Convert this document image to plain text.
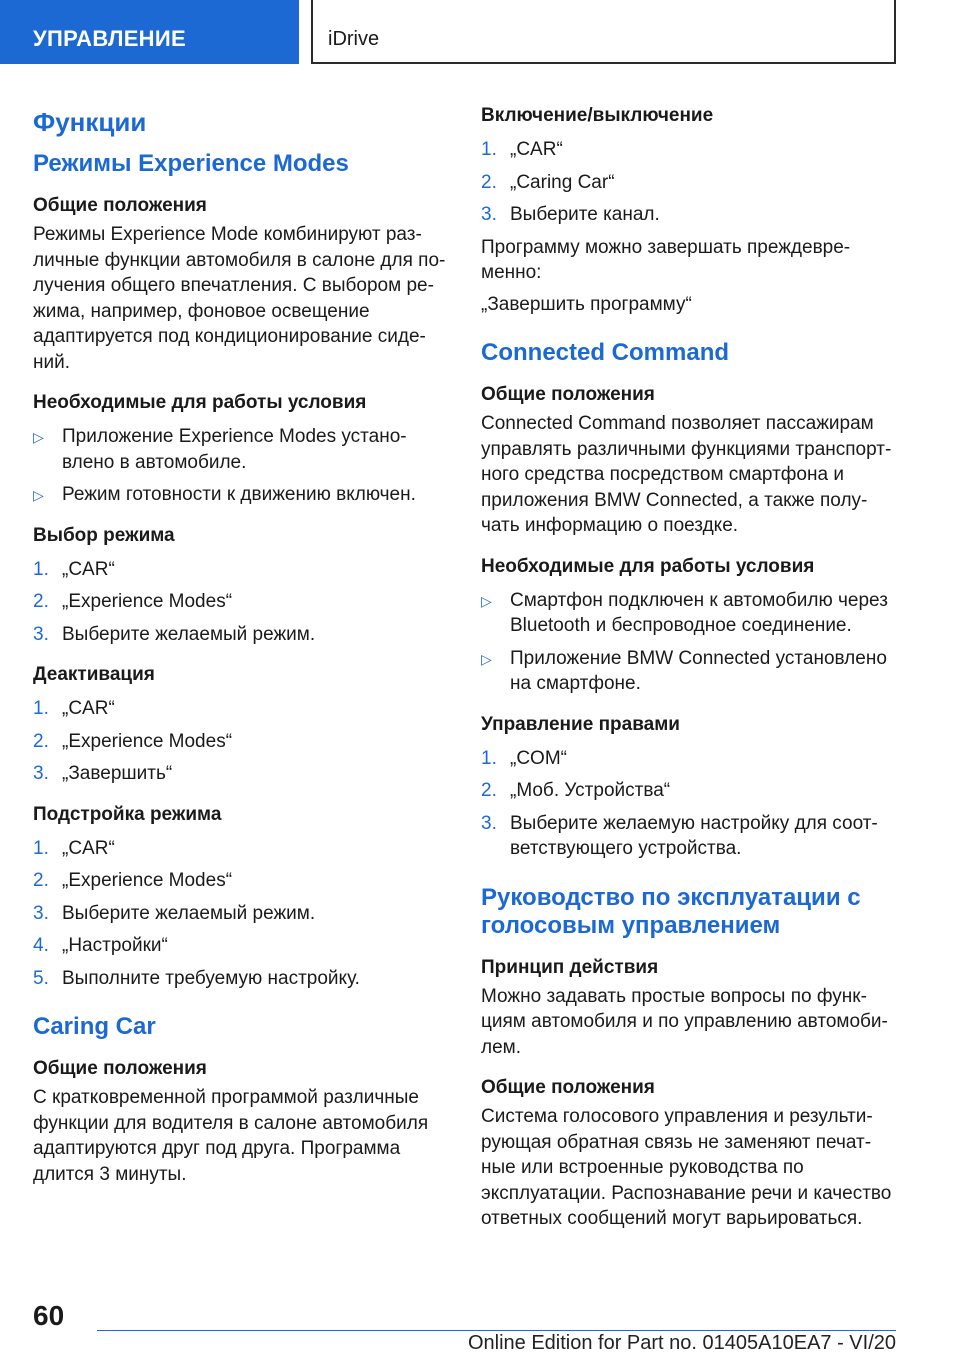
УПРАВЛЕНИЕ	iDrive
Функции
Режимы Experience Modes
Общие положения

Режимы Experience Mode комбинируют раз-личные функции автомобиля в салоне для по-лучения общего впечатления. С выбором ре-жима, например, фоновое освещение адаптируется под кондиционирование сиде-ний.

Необходимые для работы условия
▷ Приложение Experience Modes устано-влено в автомобиле.
▷ Режим готовности к движению включен.
Выбор режима
1. „CAR“
2. „Experience Modes“
3. Выберите желаемый режим.
Деактивация
1. „CAR“
2. „Experience Modes“
3. „Завершить“
Подстройка режима
1. „CAR“
2. „Experience Modes“
3. Выберите желаемый режим.
4. „Настройки“
5. Выполните требуемую настройку.
Caring Car
Общие положения

С кратковременной программой различные функции для водителя в салоне автомобиля адаптируются друг под друга. Программа длится 3 минуты.

Включение/выключение
1. „CAR“
2. „Caring Car“
3. Выберите канал.

Программу можно завершать преждевре-менно:

„Завершить программу“

Connected Command
Общие положения

Connected Command позволяет пассажирам управлять различными функциями транспорт-ного средства посредством смартфона и приложения BMW Connected, а также полу-чать информацию о поездке.

Необходимые для работы условия
▷ Смартфон подключен к автомобилю через Bluetooth и беспроводное соединение.
▷ Приложение BMW Connected установлено на смартфоне.
Управление правами
1. „COM“
2. „Моб. Устройства“
3. Выберите желаемую настройку для соот-ветствующего устройства.
Руководство по эксплуатации с голосовым управлением
Принцип действия

Можно задавать простые вопросы по функ-циям автомобиля и по управлению автомоби-лем.

Общие положения

Система голосового управления и результи-рующая обратная связь не заменяют печат-ные или встроенные руководства по эксплуатации. Распознавание речи и качество ответных сообщений могут варьироваться.

60
Online Edition for Part no. 01405A10EA7 - VI/20
